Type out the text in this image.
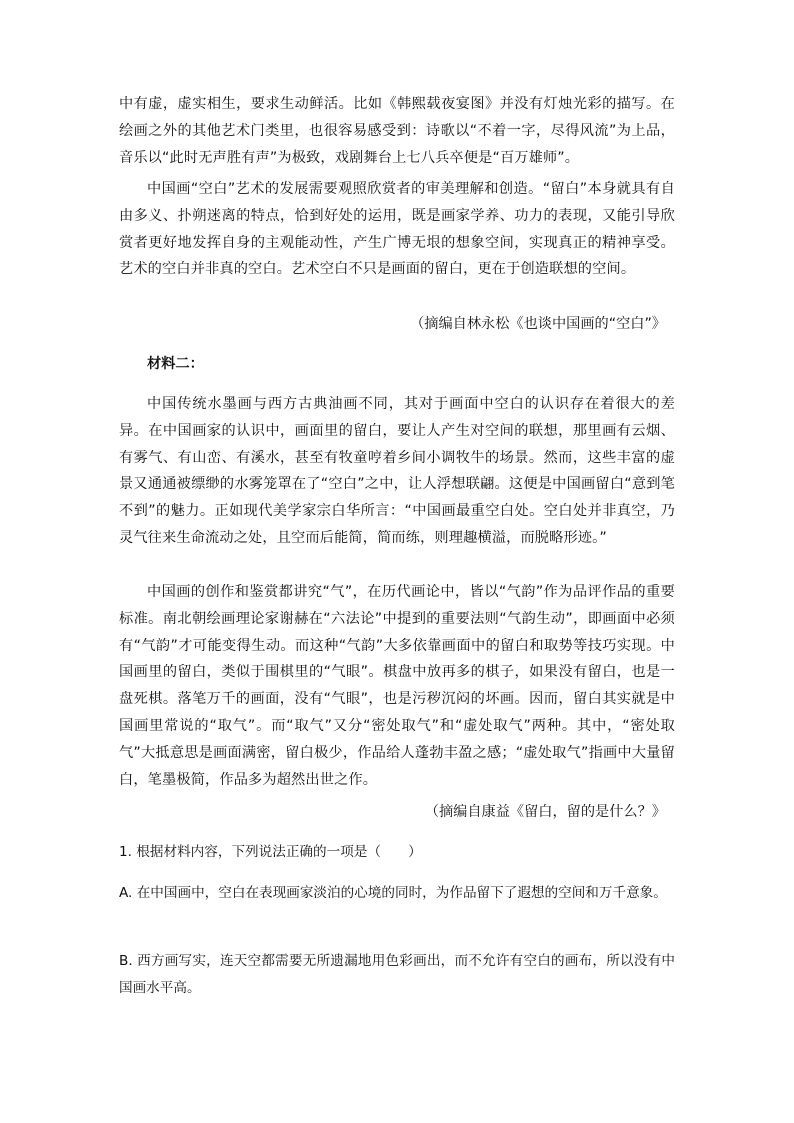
中有虚，虚实相生，要求生动鲜活。比如《韩熙载夜宴图》并没有灯烛光彩的描写。在绘画之外的其他艺术门类里，也很容易感受到：诗歌以“不着一字，尽得风流”为上品，音乐以“此时无声胜有声”为极致，戏剧舞台上七八兵卒便是“百万雄师”。

中国画“空白”艺术的发展需要观照欣赏者的审美理解和创造。“留白”本身就具有自由多义、扑朔迷离的特点，恰到好处的运用，既是画家学养、功力的表现，又能引导欣赏者更好地发挥自身的主观能动性，产生广博无垠的想象空间，实现真正的精神享受。艺术的空白并非真的空白。艺术空白不只是画面的留白，更在于创造联想的空间。

（摘编自林永松《也谈中国画的“空白”》

材料二：

中国传统水墨画与西方古典油画不同，其对于画面中空白的认识存在着很大的差异。在中国画家的认识中，画面里的留白，要让人产生对空间的联想，那里画有云烟、有雾气、有山峦、有溪水，甚至有牧童哼着乡间小调牧牛的场景。然而，这些丰富的虚景又通通被缥缈的水雾笼罩在了“空白”之中，让人浮想联翩。这便是中国画留白“意到笔不到”的魅力。正如现代美学家宗白华所言：“中国画最重空白处。空白处并非真空，乃灵气往来生命流动之处，且空而后能简，简而练，则理趣横溢，而脱略形迹。”

中国画的创作和鉴赏都讲究“气”，在历代画论中，皆以“气韵”作为品评作品的重要标准。南北朝绘画理论家谢赫在“六法论”中提到的重要法则“气韵生动”，即画面中必须有“气韵”才可能变得生动。而这种“气韵”大多依靠画面中的留白和取势等技巧实现。中国画里的留白，类似于围棋里的“气眼”。棋盘中放再多的棋子，如果没有留白，也是一盘死棋。落笔万千的画面，没有“气眼”，也是污秽沉闷的坏画。因而，留白其实就是中国画里常说的“取气”。而“取气”又分“密处取气”和“虚处取气”两种。其中，“密处取气”大抵意思是画面满密，留白极少，作品给人蓬勃丰盈之感；“虚处取气”指画中大量留白，笔墨极简，作品多为超然出世之作。

（摘编自康益《留白，留的是什么？》

1. 根据材料内容，下列说法正确的一项是（　　）

A. 在中国画中，空白在表现画家淡泊的心境的同时，为作品留下了遐想的空间和万千意象。

B. 西方画写实，连天空都需要无所遗漏地用色彩画出，而不允许有空白的画布，所以没有中国画水平高。
